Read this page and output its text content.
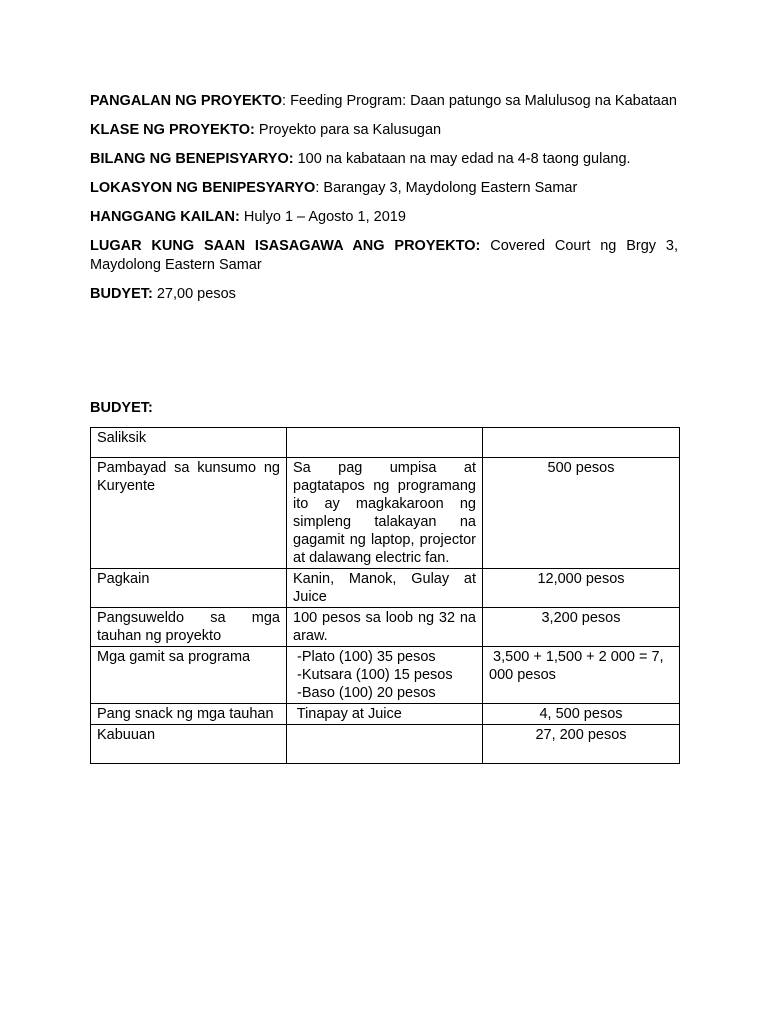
PANGALAN NG PROYEKTO: Feeding Program: Daan patungo sa Malulusog na Kabataan

KLASE NG PROYEKTO: Proyekto para sa Kalusugan

BILANG NG BENEPISYARYO: 100 na kabataan na may edad na 4-8 taong gulang.

LOKASYON NG BENIPESYARYO: Barangay 3, Maydolong Eastern Samar

HANGGANG KAILAN: Hulyo 1 – Agosto 1, 2019

LUGAR KUNG SAAN ISASAGAWA ANG PROYEKTO: Covered Court ng Brgy 3, Maydolong Eastern Samar

BUDYET: 27,00 pesos

BUDYET:
Saliksik		
Pambayad sa kunsumo ng Kuryente	Sa pag umpisa at pagtatapos ng programang ito ay magkakaroon ng simpleng talakayan na gagamit ng laptop, projector at dalawang electric fan.	500 pesos
Pagkain	Kanin, Manok, Gulay at Juice	12,000 pesos
Pangsuweldo sa mga tauhan ng proyekto	100 pesos sa loob ng 32 na araw.	3,200 pesos
Mga gamit sa programa	-Plato (100) 35 pesos
-Kutsara (100) 15 pesos
-Baso (100) 20 pesos	3,500 + 1,500 + 2 000 = 7, 000 pesos
Pang snack ng mga tauhan	Tinapay at Juice	4, 500 pesos
Kabuuan		27, 200 pesos
